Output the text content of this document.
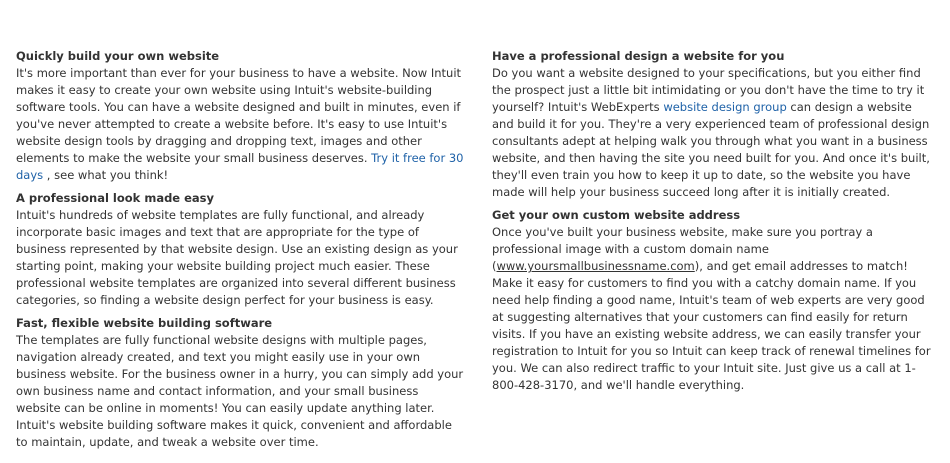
Quickly build your own website

It's more important than ever for your business to have a website. Now Intuit makes it easy to create your own website using Intuit's website-building software tools. You can have a website designed and built in minutes, even if you've never attempted to create a website before. It's easy to use Intuit's website design tools by dragging and dropping text, images and other elements to make the website your small business deserves. Try it free for 30 days , see what you think!

A professional look made easy

Intuit's hundreds of website templates are fully functional, and already incorporate basic images and text that are appropriate for the type of business represented by that website design. Use an existing design as your starting point, making your website building project much easier. These professional website templates are organized into several different business categories, so finding a website design perfect for your business is easy.

Fast, flexible website building software

The templates are fully functional website designs with multiple pages, navigation already created, and text you might easily use in your own business website. For the business owner in a hurry, you can simply add your own business name and contact information, and your small business website can be online in moments! You can easily update anything later. Intuit's website building software makes it quick, convenient and affordable to maintain, update, and tweak a website over time.

Have a professional design a website for you

Do you want a website designed to your specifications, but you either find the prospect just a little bit intimidating or you don't have the time to try it yourself? Intuit's WebExperts website design group can design a website and build it for you. They're a very experienced team of professional design consultants adept at helping walk you through what you want in a business website, and then having the site you need built for you. And once it's built, they'll even train you how to keep it up to date, so the website you have made will help your business succeed long after it is initially created.

Get your own custom website address

Once you've built your business website, make sure you portray a professional image with a custom domain name (www.yoursmallbusinessname.com), and get email addresses to match! Make it easy for customers to find you with a catchy domain name. If you need help finding a good name, Intuit's team of web experts are very good at suggesting alternatives that your customers can find easily for return visits. If you have an existing website address, we can easily transfer your registration to Intuit for you so Intuit can keep track of renewal timelines for you. We can also redirect traffic to your Intuit site. Just give us a call at 1-800-428-3170, and we'll handle everything.
